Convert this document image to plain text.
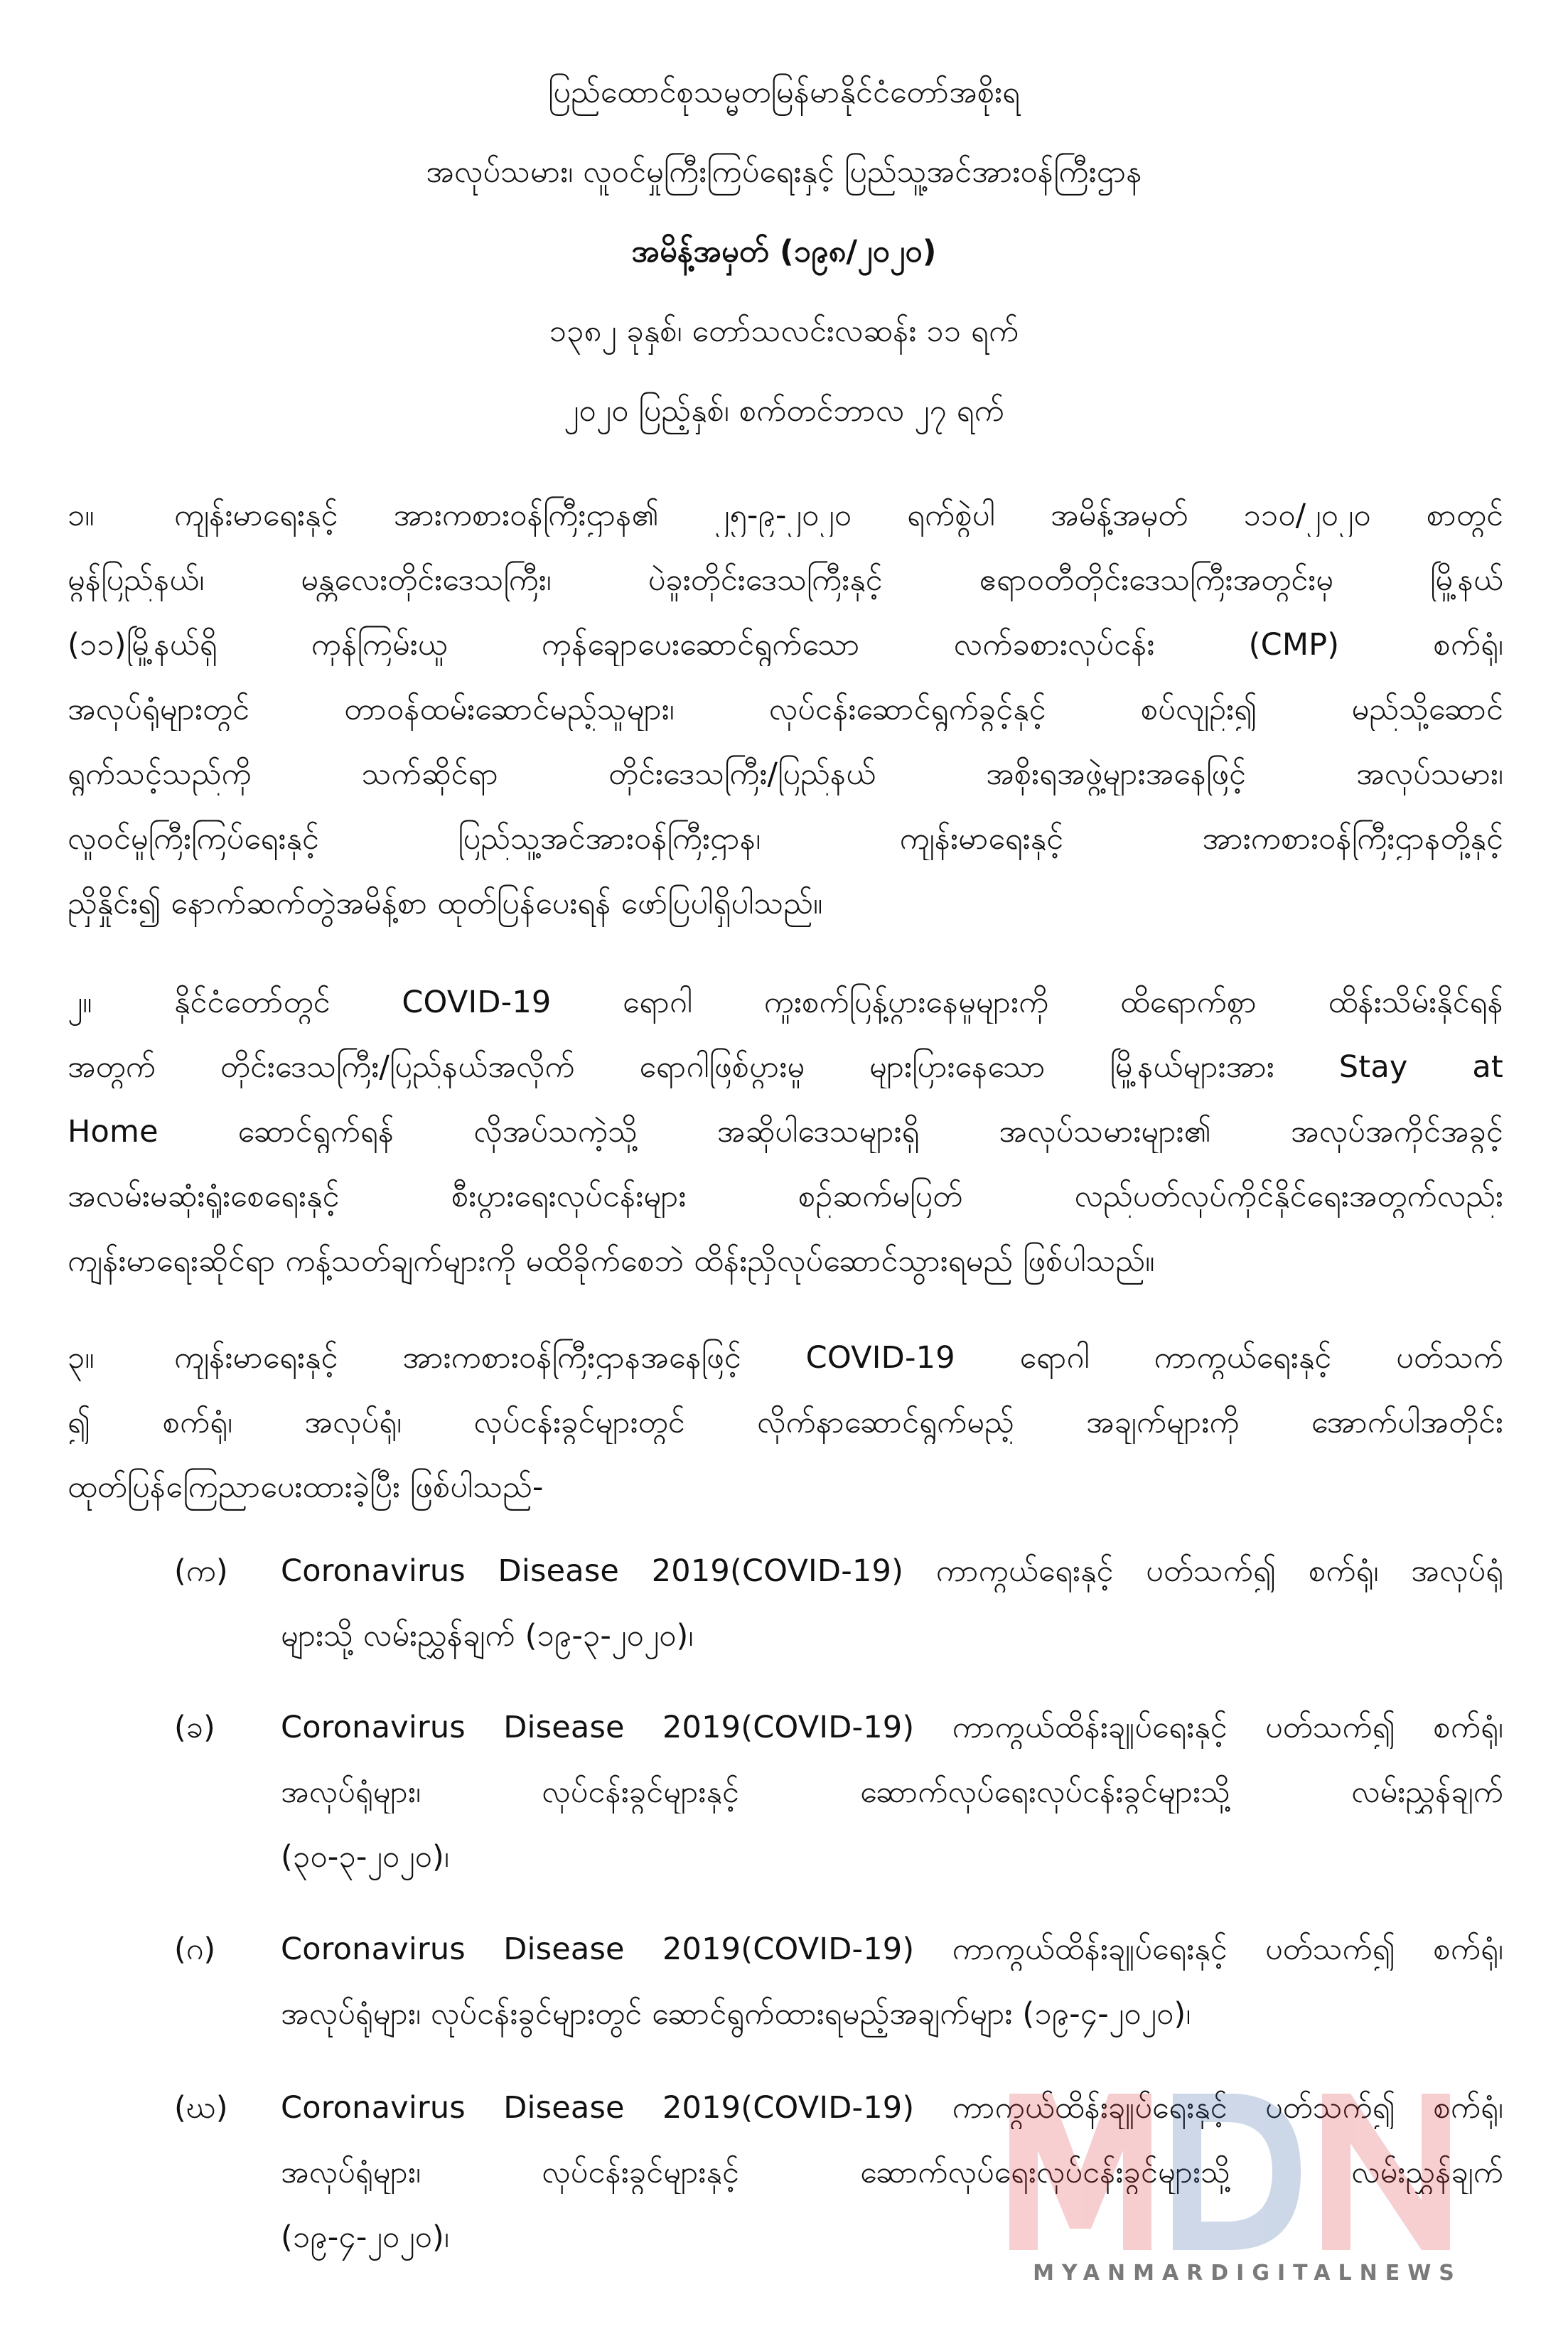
ပြည်ထောင်စုသမ္မတမြန်မာနိုင်ငံတော်အစိုးရ
အလုပ်သမား၊ လူဝင်မှုကြီးကြပ်ရေးနှင့် ပြည်သူ့အင်အားဝန်ကြီးဌာန
အမိန့်အမှတ် (၁၉၈/၂၀၂၀)
၁၃၈၂ ခုနှစ်၊ တော်သလင်းလဆန်း ၁၁ ရက်
၂၀၂၀ ပြည့်နှစ်၊ စက်တင်ဘာလ ၂၇ ရက်
၁။	ကျန်းမာရေးနှင့် အားကစားဝန်ကြီးဌာန၏ ၂၅-၉-၂၀၂၀ ရက်စွဲပါ အမိန့်အမှတ် ၁၁၀/၂၀၂၀ စာတွင်
မွန်ပြည်နယ်၊ မန္တလေးတိုင်းဒေသကြီး၊ ပဲခူးတိုင်းဒေသကြီးနှင့် ဧရာဝတီတိုင်းဒေသကြီးအတွင်းမှ မြို့နယ်
(၁၁)မြို့နယ်ရှိ ကုန်ကြမ်းယူ ကုန်ချောပေးဆောင်ရွက်သော လက်ခစားလုပ်ငန်း (CMP) စက်ရုံ၊
အလုပ်ရုံများတွင် တာဝန်ထမ်းဆောင်မည့်သူများ၊ လုပ်ငန်းဆောင်ရွက်ခွင့်နှင့် စပ်လျဉ်း၍ မည်သို့ဆောင်
ရွက်သင့်သည်ကို သက်ဆိုင်ရာ တိုင်းဒေသကြီး/ပြည်နယ် အစိုးရအဖွဲ့များအနေဖြင့် အလုပ်သမား၊
လူဝင်မှုကြီးကြပ်ရေးနှင့် ပြည်သူ့အင်အားဝန်ကြီးဌာန၊ ကျန်းမာရေးနှင့် အားကစားဝန်ကြီးဌာနတို့နှင့်
ညှိနှိုင်း၍ နောက်ဆက်တွဲအမိန့်စာ ထုတ်ပြန်ပေးရန် ဖော်ပြပါရှိပါသည်။
၂။	နိုင်ငံတော်တွင် COVID-19 ရောဂါ ကူးစက်ပြန့်ပွားနေမှုများကို ထိရောက်စွာ ထိန်းသိမ်းနိုင်ရန်
အတွက် တိုင်းဒေသကြီး/ပြည်နယ်အလိုက် ရောဂါဖြစ်ပွားမှု များပြားနေသော မြို့နယ်များအား Stay at
Home ဆောင်ရွက်ရန် လိုအပ်သကဲ့သို့ အဆိုပါဒေသများရှိ အလုပ်သမားများ၏ အလုပ်အကိုင်အခွင့်
အလမ်းမဆုံးရှုံးစေရေးနှင့် စီးပွားရေးလုပ်ငန်းများ စဉ်ဆက်မပြတ် လည်ပတ်လုပ်ကိုင်နိုင်ရေးအတွက်လည်း
ကျန်းမာရေးဆိုင်ရာ ကန့်သတ်ချက်များကို မထိခိုက်စေဘဲ ထိန်းညှိလုပ်ဆောင်သွားရမည် ဖြစ်ပါသည်။
၃။	ကျန်းမာရေးနှင့် အားကစားဝန်ကြီးဌာနအနေဖြင့် COVID-19 ရောဂါ ကာကွယ်ရေးနှင့် ပတ်သက်
၍ စက်ရုံ၊ အလုပ်ရုံ၊ လုပ်ငန်းခွင်များတွင် လိုက်နာဆောင်ရွက်မည့် အချက်များကို အောက်ပါအတိုင်း
ထုတ်ပြန်ကြေညာပေးထားခဲ့ပြီး ဖြစ်ပါသည်-
(က) Coronavirus Disease 2019(COVID-19) ကာကွယ်ရေးနှင့် ပတ်သက်၍ စက်ရုံ၊ အလုပ်ရုံ
များသို့ လမ်းညွှန်ချက် (၁၉-၃-၂၀၂၀)၊
(ခ) Coronavirus Disease 2019(COVID-19) ကာကွယ်ထိန်းချုပ်ရေးနှင့် ပတ်သက်၍ စက်ရုံ၊
အလုပ်ရုံများ၊ လုပ်ငန်းခွင်များနှင့် ဆောက်လုပ်ရေးလုပ်ငန်းခွင်များသို့ လမ်းညွှန်ချက်
(၃၀-၃-၂၀၂၀)၊
(ဂ) Coronavirus Disease 2019(COVID-19) ကာကွယ်ထိန်းချုပ်ရေးနှင့် ပတ်သက်၍ စက်ရုံ၊
အလုပ်ရုံများ၊ လုပ်ငန်းခွင်များတွင် ဆောင်ရွက်ထားရမည့်အချက်များ (၁၉-၄-၂၀၂၀)၊
(ဃ) Coronavirus Disease 2019(COVID-19) ကာကွယ်ထိန်းချုပ်ရေးနှင့် ပတ်သက်၍ စက်ရုံ၊
အလုပ်ရုံများ၊ လုပ်ငန်းခွင်များနှင့် ဆောက်လုပ်ရေးလုပ်ငန်းခွင်များသို့ လမ်းညွှန်ချက်
(၁၉-၄-၂၀၂၀)၊
MYANMARDIGITALNEWS
